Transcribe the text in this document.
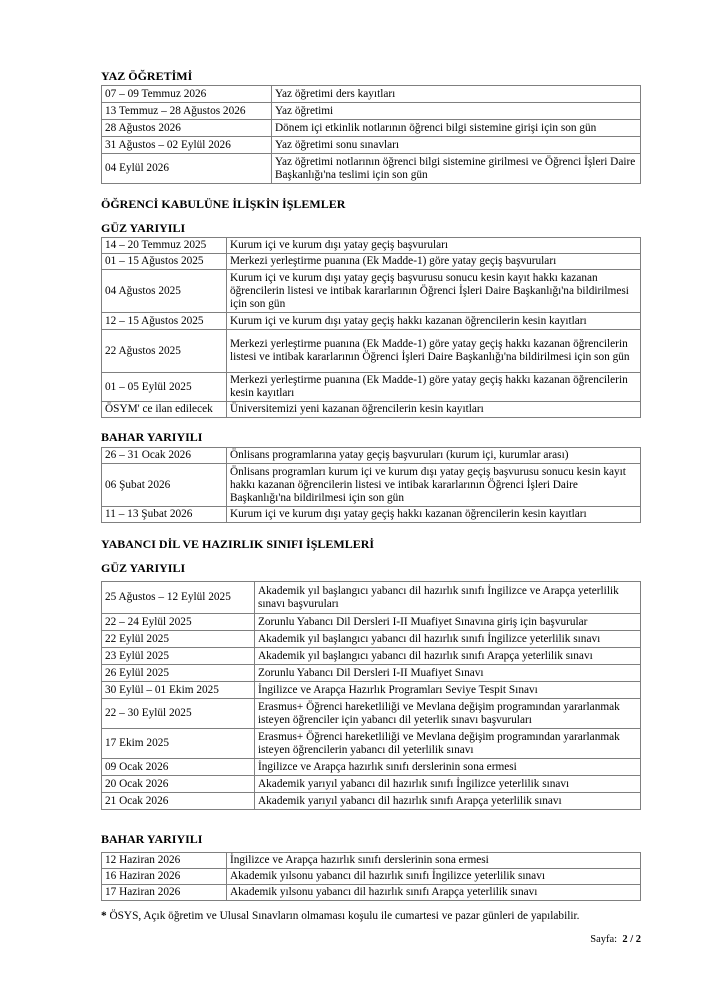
YAZ ÖĞRETİMİ
07 – 09 Temmuz 2026	Yaz öğretimi ders kayıtları
13 Temmuz – 28 Ağustos 2026	Yaz öğretimi
28 Ağustos 2026	Dönem içi etkinlik notlarının öğrenci bilgi sistemine girişi için son gün
31 Ağustos – 02 Eylül 2026	Yaz öğretimi sonu sınavları
04 Eylül 2026	Yaz öğretimi notlarının öğrenci bilgi sistemine girilmesi ve Öğrenci İşleri Daire Başkanlığı'na teslimi için son gün
ÖĞRENCİ KABULÜNE İLİŞKİN İŞLEMLER
GÜZ YARIYILI
14 – 20 Temmuz 2025	Kurum içi ve kurum dışı yatay geçiş başvuruları
01 – 15 Ağustos 2025	Merkezi yerleştirme puanına (Ek Madde-1) göre yatay geçiş başvuruları
04 Ağustos 2025	Kurum içi ve kurum dışı yatay geçiş başvurusu sonucu kesin kayıt hakkı kazanan öğrencilerin listesi ve intibak kararlarının Öğrenci İşleri Daire Başkanlığı'na bildirilmesi için son gün
12 – 15 Ağustos 2025	Kurum içi ve kurum dışı yatay geçiş hakkı kazanan öğrencilerin kesin kayıtları
22 Ağustos 2025	Merkezi yerleştirme puanına (Ek Madde-1) göre yatay geçiş hakkı kazanan öğrencilerin listesi ve intibak kararlarının Öğrenci İşleri Daire Başkanlığı'na bildirilmesi için son gün
01 – 05 Eylül 2025	Merkezi yerleştirme puanına (Ek Madde-1) göre yatay geçiş hakkı kazanan öğrencilerin kesin kayıtları
ÖSYM' ce ilan edilecek	Üniversitemizi yeni kazanan öğrencilerin kesin kayıtları
BAHAR YARIYILI
26 – 31 Ocak 2026	Önlisans programlarına yatay geçiş başvuruları (kurum içi, kurumlar arası)
06 Şubat 2026	Önlisans programları kurum içi ve kurum dışı yatay geçiş başvurusu sonucu kesin kayıt hakkı kazanan öğrencilerin listesi ve intibak kararlarının Öğrenci İşleri Daire Başkanlığı'na bildirilmesi için son gün
11 – 13 Şubat 2026	Kurum içi ve kurum dışı yatay geçiş hakkı kazanan öğrencilerin kesin kayıtları
YABANCI DİL VE HAZIRLIK SINIFI İŞLEMLERİ
GÜZ YARIYILI
25 Ağustos – 12 Eylül 2025	Akademik yıl başlangıcı yabancı dil hazırlık sınıfı İngilizce ve Arapça yeterlilik sınavı başvuruları
22 – 24 Eylül 2025	Zorunlu Yabancı Dil Dersleri I-II Muafiyet Sınavına giriş için başvurular
22 Eylül 2025	Akademik yıl başlangıcı yabancı dil hazırlık sınıfı İngilizce yeterlilik sınavı
23 Eylül 2025	Akademik yıl başlangıcı yabancı dil hazırlık sınıfı Arapça yeterlilik sınavı
26 Eylül 2025	Zorunlu Yabancı Dil Dersleri I-II Muafiyet Sınavı
30 Eylül – 01 Ekim 2025	İngilizce ve Arapça Hazırlık Programları Seviye Tespit Sınavı
22 – 30 Eylül 2025	Erasmus+ Öğrenci hareketliliği ve Mevlana değişim programından yararlanmak isteyen öğrenciler için yabancı dil yeterlik sınavı başvuruları
17 Ekim 2025	Erasmus+ Öğrenci hareketliliği ve Mevlana değişim programından yararlanmak isteyen öğrencilerin yabancı dil yeterlilik sınavı
09 Ocak 2026	İngilizce ve Arapça hazırlık sınıfı derslerinin sona ermesi
20 Ocak 2026	Akademik yarıyıl yabancı dil hazırlık sınıfı İngilizce yeterlilik sınavı
21 Ocak 2026	Akademik yarıyıl yabancı dil hazırlık sınıfı Arapça yeterlilik sınavı
BAHAR YARIYILI
12 Haziran 2026	İngilizce ve Arapça hazırlık sınıfı derslerinin sona ermesi
16 Haziran 2026	Akademik yılsonu yabancı dil hazırlık sınıfı İngilizce yeterlilik sınavı
17 Haziran 2026	Akademik yılsonu yabancı dil hazırlık sınıfı Arapça yeterlilik sınavı
* ÖSYS, Açık öğretim ve Ulusal Sınavların olmaması koşulu ile cumartesi ve pazar günleri de yapılabilir.
Sayfa: 2 / 2
